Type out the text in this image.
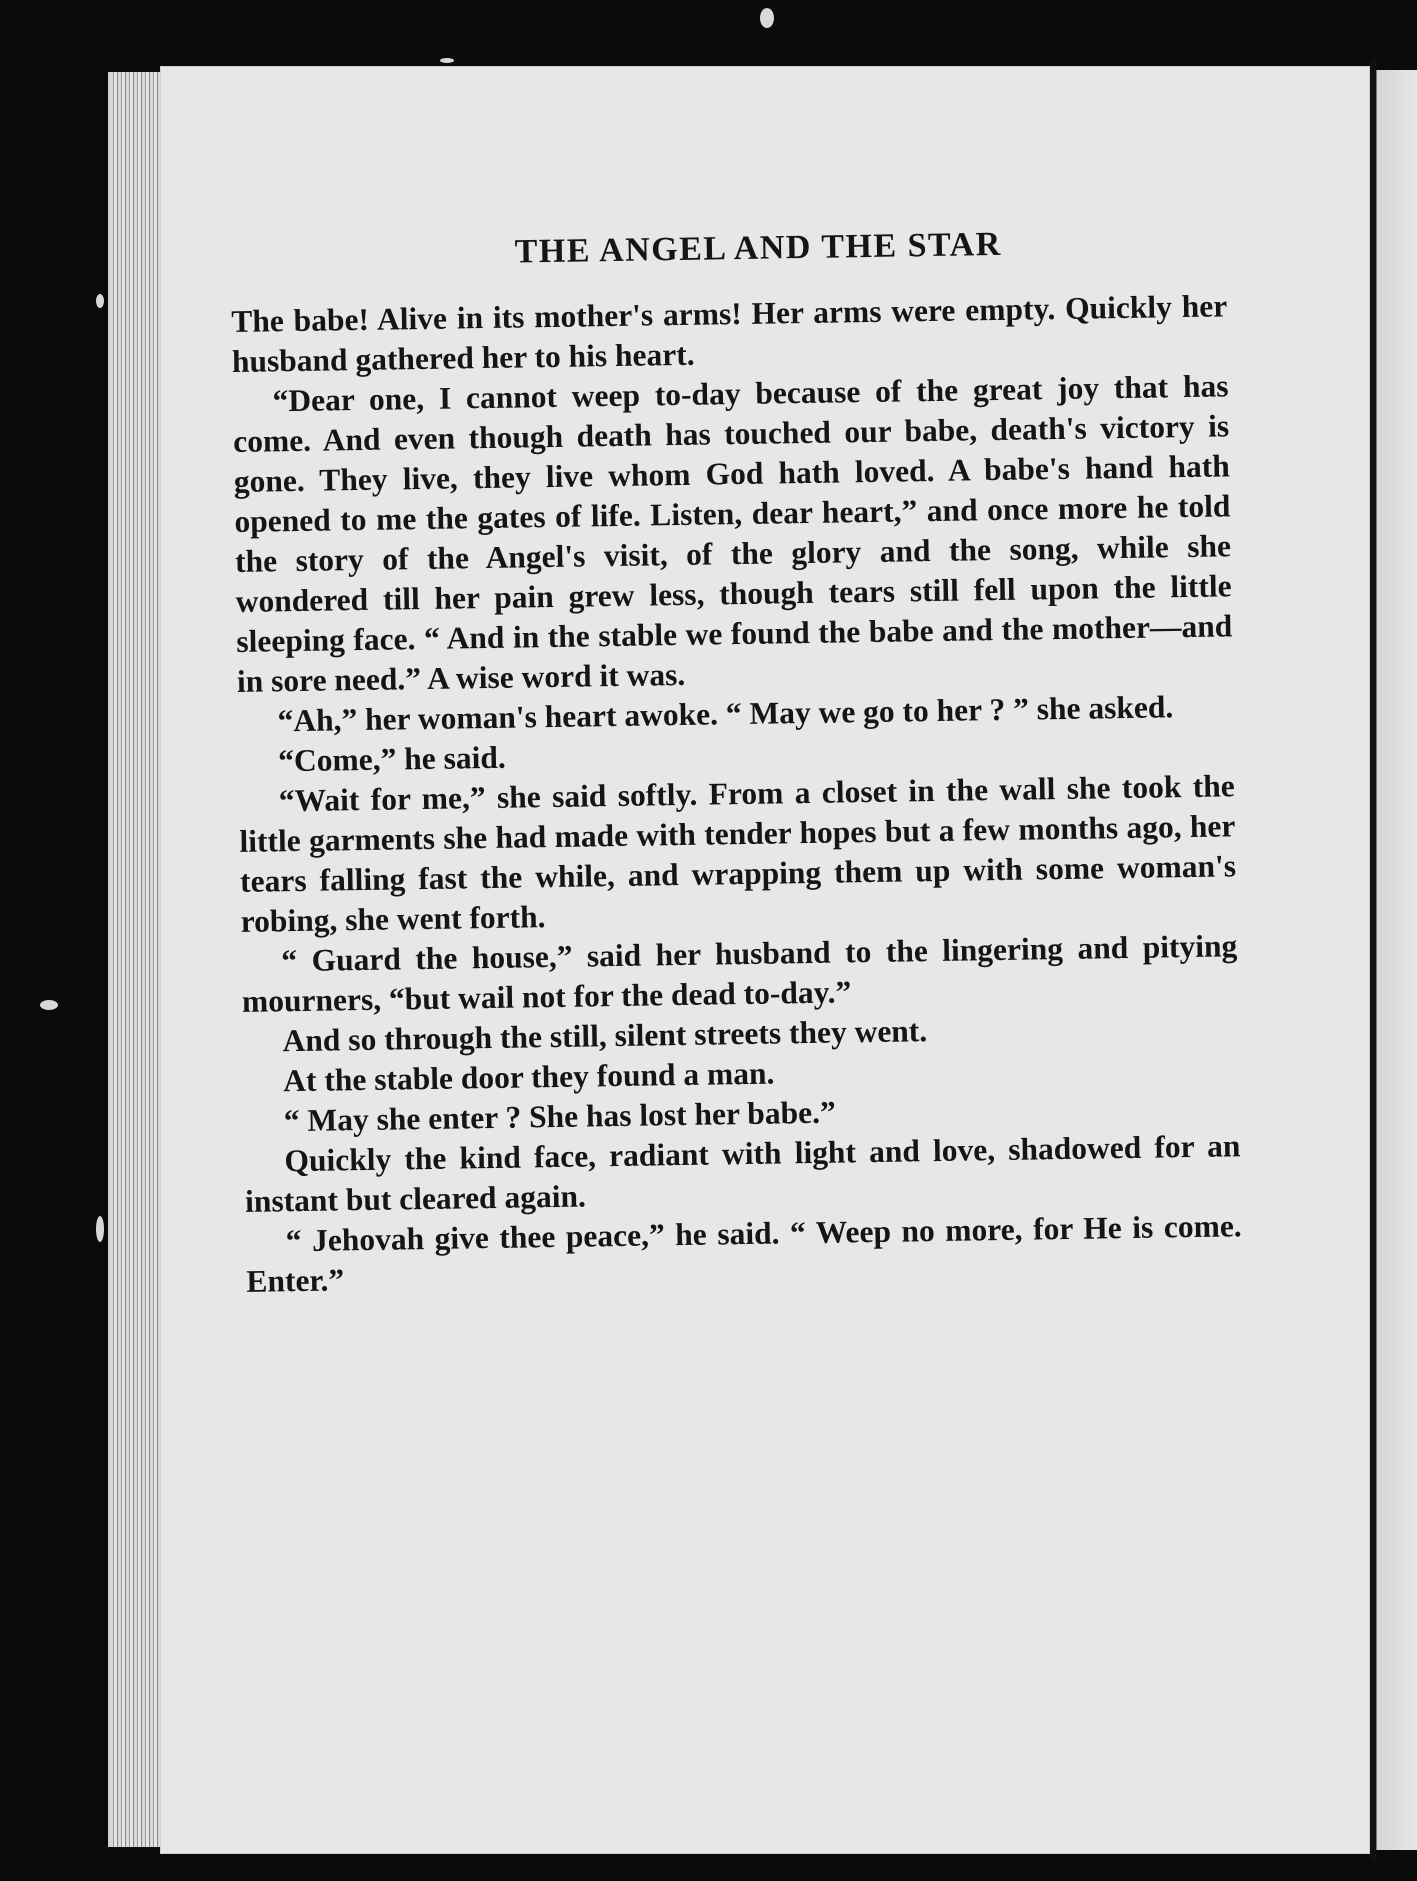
THE ANGEL AND THE STAR

The babe! Alive in its mother's arms! Her arms were empty. Quickly her husband gathered her to his heart.

“Dear one, I cannot weep to-day because of the great joy that has come. And even though death has touched our babe, death's victory is gone. They live, they live whom God hath loved. A babe's hand hath opened to me the gates of life. Listen, dear heart,” and once more he told the story of the Angel's visit, of the glory and the song, while she wondered till her pain grew less, though tears still fell upon the little sleeping face. “ And in the stable we found the babe and the mother—and in sore need.” A wise word it was.

“Ah,” her woman's heart awoke. “ May we go to her ? ” she asked.

“Come,” he said.

“Wait for me,” she said softly. From a closet in the wall she took the little garments she had made with tender hopes but a few months ago, her tears falling fast the while, and wrapping them up with some woman's robing, she went forth.

“ Guard the house,” said her husband to the lingering and pitying mourners, “but wail not for the dead to-day.”

And so through the still, silent streets they went.

At the stable door they found a man.

“ May she enter ? She has lost her babe.”

Quickly the kind face, radiant with light and love, shadowed for an instant but cleared again.

“ Jehovah give thee peace,” he said. “ Weep no more, for He is come. Enter.”
